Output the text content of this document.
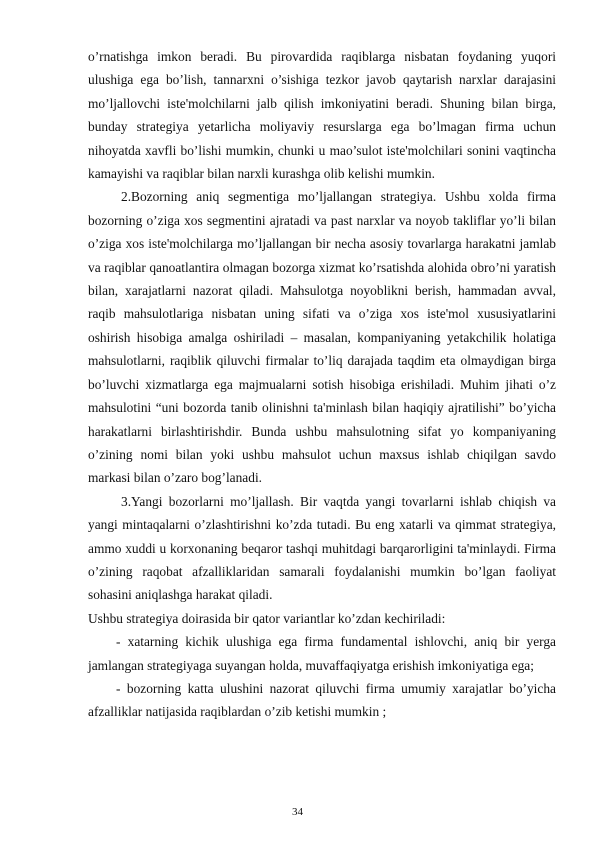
o’rnatishga imkon beradi. Bu pirovardida raqiblarga nisbatan foydaning yuqori ulushiga ega bo’lish, tannarxni o’sishiga tezkor javob qaytarish narxlar darajasini mo’ljallovchi iste'molchilarni jalb qilish imkoniyatini beradi. Shuning bilan birga, bunday strategiya yetarlicha moliyaviy resurslarga ega bo’lmagan firma uchun nihoyatda xavfli bo’lishi mumkin, chunki u mao’sulot iste'molchilari sonini vaqtincha kamayishi va raqiblar bilan narxli kurashga olib kelishi mumkin.

2.Bozorning aniq segmentiga mo’ljallangan strategiya. Ushbu xolda firma bozorning o’ziga xos segmentini ajratadi va past narxlar va noyob takliflar yo’li bilan o’ziga xos iste'molchilarga mo’ljallangan bir necha asosiy tovarlarga harakatni jamlab va raqiblar qanoatlantira olmagan bozorga xizmat ko’rsatishda alohida obro’ni yaratish bilan, xarajatlarni nazorat qiladi. Mahsulotga noyoblikni berish, hammadan avval, raqib mahsulotlariga nisbatan uning sifati va o’ziga xos iste'mol xususiyatlarini oshirish hisobiga amalga oshiriladi – masalan, kompaniyaning yetakchilik holatiga mahsulotlarni, raqiblik qiluvchi firmalar to’liq darajada taqdim eta olmaydigan birga bo’luvchi xizmatlarga ega majmualarni sotish hisobiga erishiladi. Muhim jihati o’z mahsulotini “uni bozorda tanib olinishni ta'minlash bilan haqiqiy ajratilishi” bo’yicha harakatlarni birlashtirishdir. Bunda ushbu mahsulotning sifat yo kompaniyaning o’zining nomi bilan yoki ushbu mahsulot uchun maxsus ishlab chiqilgan savdo markasi bilan o’zaro bog’lanadi.

3.Yangi bozorlarni mo’ljallash. Bir vaqtda yangi tovarlarni ishlab chiqish va yangi mintaqalarni o’zlashtirishni ko’zda tutadi. Bu eng xatarli va qimmat strategiya, ammo xuddi u korxonaning beqaror tashqi muhitdagi barqarorligini ta'minlaydi. Firma o’zining raqobat afzalliklaridan samarali foydalanishi mumkin bo’lgan faoliyat sohasini aniqlashga harakat qiladi.

Ushbu strategiya doirasida bir qator variantlar ko’zdan kechiriladi:

- xatarning kichik ulushiga ega firma fundamental ishlovchi, aniq bir yerga jamlangan strategiyaga suyangan holda, muvaffaqiyatga erishish imkoniyatiga ega;

- bozorning katta ulushini nazorat qiluvchi firma umumiy xarajatlar bo’yicha afzalliklar natijasida raqiblardan o’zib ketishi mumkin ;

34
